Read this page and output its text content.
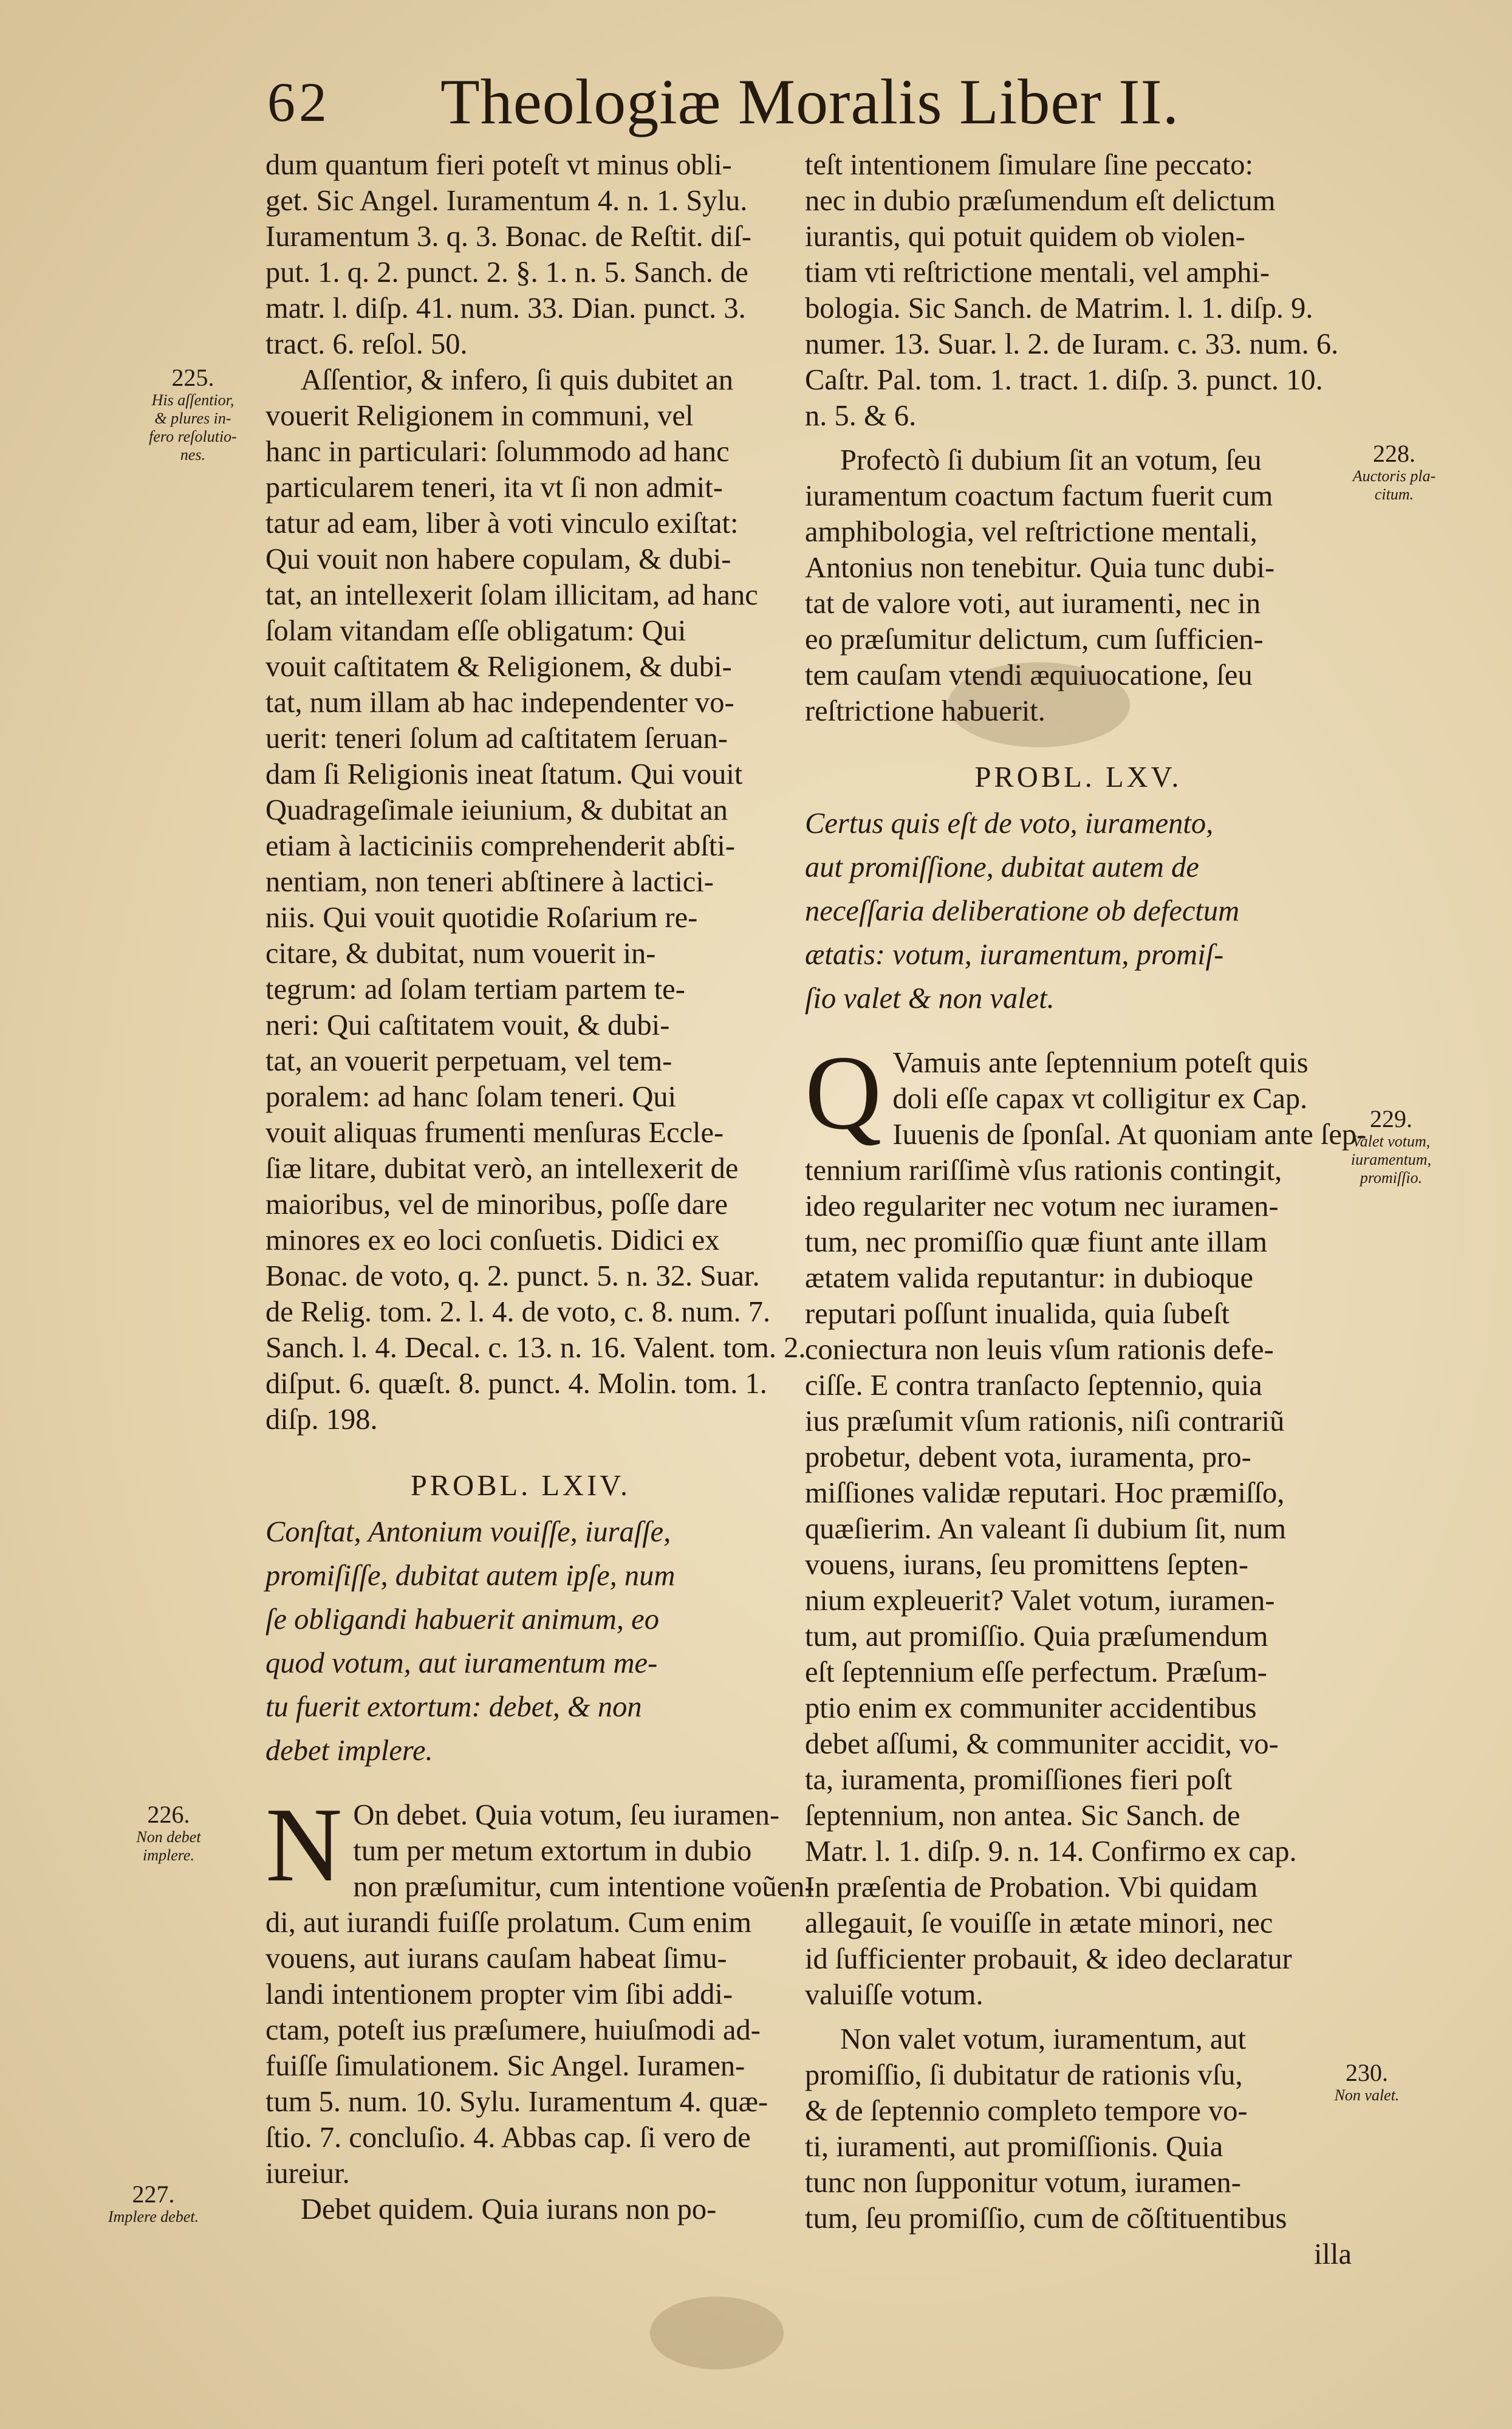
62 Theologiæ Moralis Liber II.
dum quantum fieri poteſt vt minus obli-
get. Sic Angel. Iuramentum 4. n. 1. Sylu.
Iuramentum 3. q. 3. Bonac. de Reſtit. diſ-
put. 1. q. 2. punct. 2. §. 1. n. 5. Sanch. de
matr. l. diſp. 41. num. 33. Dian. punct. 3.
tract. 6. reſol. 50.
Aſſentior, & infero, ſi quis dubitet an
vouerit Religionem in communi, vel
hanc in particulari: ſolummodo ad hanc
particularem teneri, ita vt ſi non admit-
tatur ad eam, liber à voti vinculo exiſtat:
Qui vouit non habere copulam, & dubi-
tat, an intellexerit ſolam illicitam, ad hanc
ſolam vitandam eſſe obligatum: Qui
vouit caſtitatem & Religionem, & dubi-
tat, num illam ab hac independenter vo-
uerit: teneri ſolum ad caſtitatem ſeruan-
dam ſi Religionis ineat ſtatum. Qui vouit
Quadrageſimale ieiunium, & dubitat an
etiam à lacticiniis comprehenderit abſti-
nentiam, non teneri abſtinere à lactici-
niis. Qui vouit quotidie Roſarium re-
citare, & dubitat, num vouerit in-
tegrum: ad ſolam tertiam partem te-
neri: Qui caſtitatem vouit, & dubi-
tat, an vouerit perpetuam, vel tem-
poralem: ad hanc ſolam teneri. Qui
vouit aliquas frumenti menſuras Eccle-
ſiæ litare, dubitat verò, an intellexerit de
maioribus, vel de minoribus, poſſe dare
minores ex eo loci conſuetis. Didici ex
Bonac. de voto, q. 2. punct. 5. n. 32. Suar.
de Relig. tom. 2. l. 4. de voto, c. 8. num. 7.
Sanch. l. 4. Decal. c. 13. n. 16. Valent. tom. 2.
diſput. 6. quæſt. 8. punct. 4. Molin. tom. 1.
diſp. 198.
PROBL. LXIV.
Conſtat, Antonium vouiſſe, iuraſſe,
promiſiſſe, dubitat autem ipſe, num
ſe obligandi habuerit animum, eo
quod votum, aut iuramentum me-
tu fuerit extortum: debet, & non
debet implere.
N On debet. Quia votum, ſeu iuramen-
tum per metum extortum in dubio
non præſumitur, cum intentione voũen-
di, aut iurandi fuiſſe prolatum. Cum enim
vouens, aut iurans cauſam habeat ſimu-
landi intentionem propter vim ſibi addi-
ctam, poteſt ius præſumere, huiuſmodi ad-
fuiſſe ſimulationem. Sic Angel. Iuramen-
tum 5. num. 10. Sylu. Iuramentum 4. quæ-
ſtio. 7. concluſio. 4. Abbas cap. ſi vero de
iureiur.
Debet quidem. Quia iurans non po-
teſt intentionem ſimulare ſine peccato:
nec in dubio præſumendum eſt delictum
iurantis, qui potuit quidem ob violen-
tiam vti reſtrictione mentali, vel amphi-
bologia. Sic Sanch. de Matrim. l. 1. diſp. 9.
numer. 13. Suar. l. 2. de Iuram. c. 33. num. 6.
Caſtr. Pal. tom. 1. tract. 1. diſp. 3. punct. 10.
n. 5. & 6.
Profectò ſi dubium ſit an votum, ſeu
iuramentum coactum factum fuerit cum
amphibologia, vel reſtrictione mentali,
Antonius non tenebitur. Quia tunc dubi-
tat de valore voti, aut iuramenti, nec in
eo præſumitur delictum, cum ſufficien-
tem cauſam vtendi æquiuocatione, ſeu
reſtrictione habuerit.
PROBL. LXV.
Certus quis eſt de voto, iuramento,
aut promiſſione, dubitat autem de
neceſſaria deliberatione ob defectum
ætatis: votum, iuramentum, promiſ-
ſio valet & non valet.
Q Vamuis ante ſeptennium poteſt quis
doli eſſe capax vt colligitur ex Cap.
Iuuenis de ſponſal. At quoniam ante ſep-
tennium rariſſimè vſus rationis contingit,
ideo regulariter nec votum nec iuramen-
tum, nec promiſſio quæ fiunt ante illam
ætatem valida reputantur: in dubioque
reputari poſſunt inualida, quia ſubeſt
coniectura non leuis vſum rationis defe-
ciſſe. E contra tranſacto ſeptennio, quia
ius præſumit vſum rationis, niſi contrariũ
probetur, debent vota, iuramenta, pro-
miſſiones validæ reputari. Hoc præmiſſo,
quæſierim. An valeant ſi dubium ſit, num
vouens, iurans, ſeu promittens ſepten-
nium expleuerit? Valet votum, iuramen-
tum, aut promiſſio. Quia præſumendum
eſt ſeptennium eſſe perfectum. Præſum-
ptio enim ex communiter accidentibus
debet aſſumi, & communiter accidit, vo-
ta, iuramenta, promiſſiones fieri poſt
ſeptennium, non antea. Sic Sanch. de
Matr. l. 1. diſp. 9. n. 14. Confirmo ex cap.
In præſentia de Probation. Vbi quidam
allegauit, ſe vouiſſe in ætate minori, nec
id ſufficienter probauit, & ideo declaratur
valuiſſe votum.
Non valet votum, iuramentum, aut
promiſſio, ſi dubitatur de rationis vſu,
& de ſeptennio completo tempore vo-
ti, iuramenti, aut promiſſionis. Quia
tunc non ſupponitur votum, iuramen-
tum, ſeu promiſſio, cum de cõſtituentibus
illa
225.
His aſſentior,
& plures in-
fero reſolutio-
nes.
226.
Non debet
implere.
227.
Implere debet.
228.
Auctoris pla-
citum.
229.
Valet votum,
iuramentum,
promiſſio.
230.
Non valet.
